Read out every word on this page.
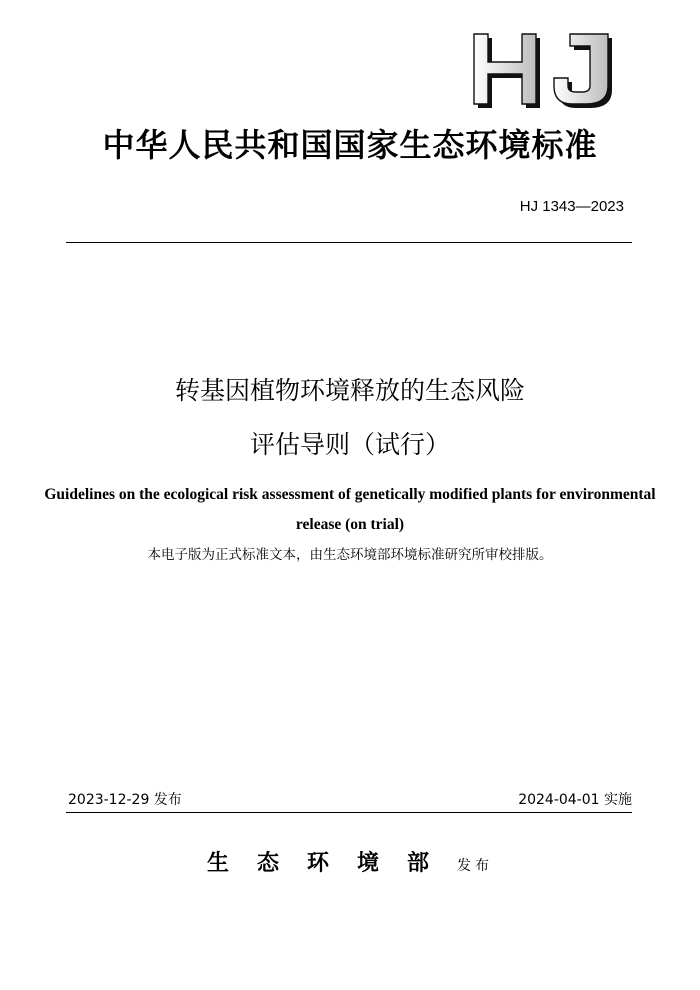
中华人民共和国国家生态环境标准
HJ 1343—2023
转基因植物环境释放的生态风险
评估导则（试行）
Guidelines on the ecological risk assessment of genetically modified plants for environmental release (on trial)
本电子版为正式标准文本，由生态环境部环境标准研究所审校排版。
2023-12-29 发布	2024-04-01 实施
生态环境部发布
